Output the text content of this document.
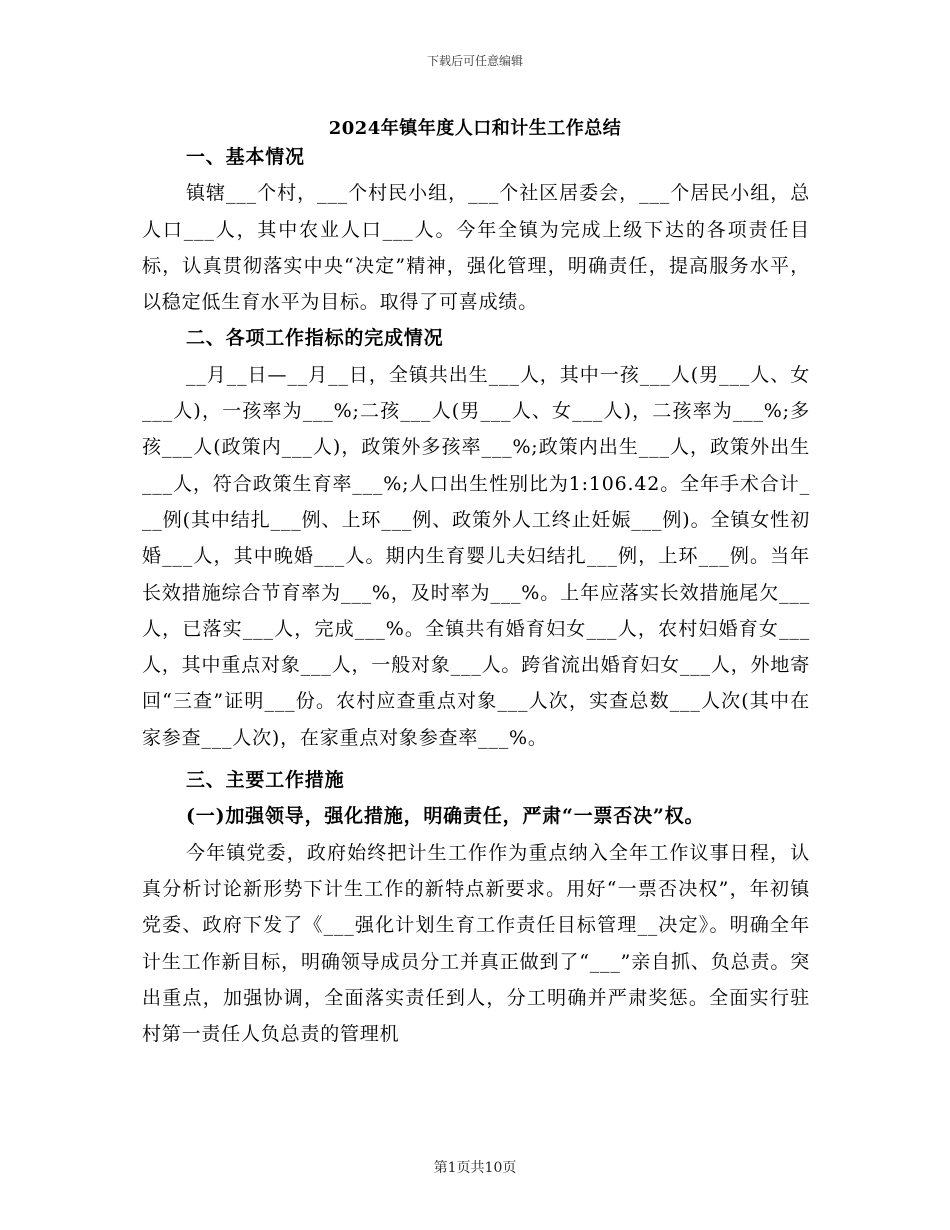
下载后可任意编辑
2024年镇年度人口和计生工作总结

一、基本情况

镇辖___个村，___个村民小组，___个社区居委会，___个居民小组，总人口___人，其中农业人口___人。今年全镇为完成上级下达的各项责任目标，认真贯彻落实中央“决定”精神，强化管理，明确责任，提高服务水平，以稳定低生育水平为目标。取得了可喜成绩。

二、各项工作指标的完成情况

__月__日—__月__日，全镇共出生___人，其中一孩___人(男___人、女___人)，一孩率为___%;二孩___人(男___人、女___人)，二孩率为___%;多孩___人(政策内___人)，政策外多孩率___%;政策内出生___人，政策外出生___人，符合政策生育率___%;人口出生性别比为1:106.42。全年手术合计___例(其中结扎___例、上环___例、政策外人工终止妊娠___例)。全镇女性初婚___人，其中晚婚___人。期内生育婴儿夫妇结扎___例，上环___例。当年长效措施综合节育率为___%，及时率为___%。上年应落实长效措施尾欠___人，已落实___人，完成___%。全镇共有婚育妇女___人，农村妇婚育女___人，其中重点对象___人，一般对象___人。跨省流出婚育妇女___人，外地寄回“三查”证明___份。农村应查重点对象___人次，实查总数___人次(其中在家参查___人次)，在家重点对象参查率___%。

三、主要工作措施

(一)加强领导，强化措施，明确责任，严肃“一票否决”权。

今年镇党委，政府始终把计生工作作为重点纳入全年工作议事日程，认真分析讨论新形势下计生工作的新特点新要求。用好“一票否决权”，年初镇党委、政府下发了《___强化计划生育工作责任目标管理__决定》。明确全年计生工作新目标，明确领导成员分工并真正做到了“___”亲自抓、负总责。突出重点，加强协调，全面落实责任到人，分工明确并严肃奖惩。全面实行驻村第一责任人负总责的管理机

第1页共10页
